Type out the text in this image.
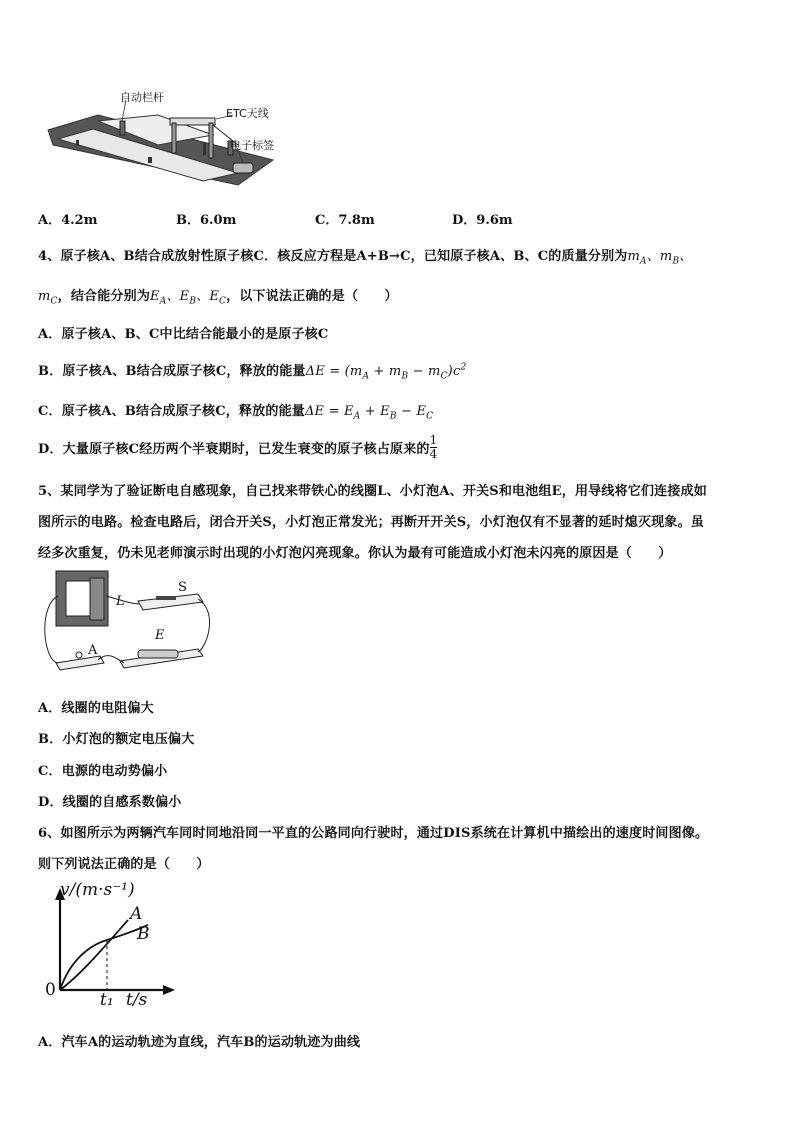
自动栏杆
ETC天线
电子标签
A．4.2m	B．6.0m	C．7.8m	D．9.6m
4、原子核A、B结合成放射性原子核C．核反应方程是A+B→C，已知原子核A、B、C的质量分别为$m_A$、$m_B$、
$m_C$，结合能分别为$E_A$、$E_B$、$E_C$，以下说法正确的是（　　）
A．原子核A、B、C中比结合能最小的是原子核C
B．原子核A、B结合成原子核C，释放的能量$\Delta E = (m_A + m_B - m_C)c^2$
C．原子核A、B结合成原子核C，释放的能量$\Delta E = E_A + E_B - E_C$
D．大量原子核C经历两个半衰期时，已发生衰变的原子核占原来的 $\frac{1}{4}$
5、某同学为了验证断电自感现象，自己找来带铁心的线圈L、小灯泡A、开关S和电池组E，用导线将它们连接成如
图所示的电路。检查电路后，闭合开关S，小灯泡正常发光；再断开开关S，小灯泡仅有不显著的延时熄灭现象。虽
经多次重复，仍未见老师演示时出现的小灯泡闪亮现象。你认为最有可能造成小灯泡未闪亮的原因是（　　）
L
S
E
A
A．线圈的电阻偏大
B．小灯泡的额定电压偏大
C．电源的电动势偏小
D．线圈的自感系数偏小
6、如图所示为两辆汽车同时同地沿同一平直的公路同向行驶时，通过DIS系统在计算机中描绘出的速度时间图像。
则下列说法正确的是（　　）
v/(m·s⁻¹)
A
B
0	t₁ t/s
A．汽车A的运动轨迹为直线，汽车B的运动轨迹为曲线
